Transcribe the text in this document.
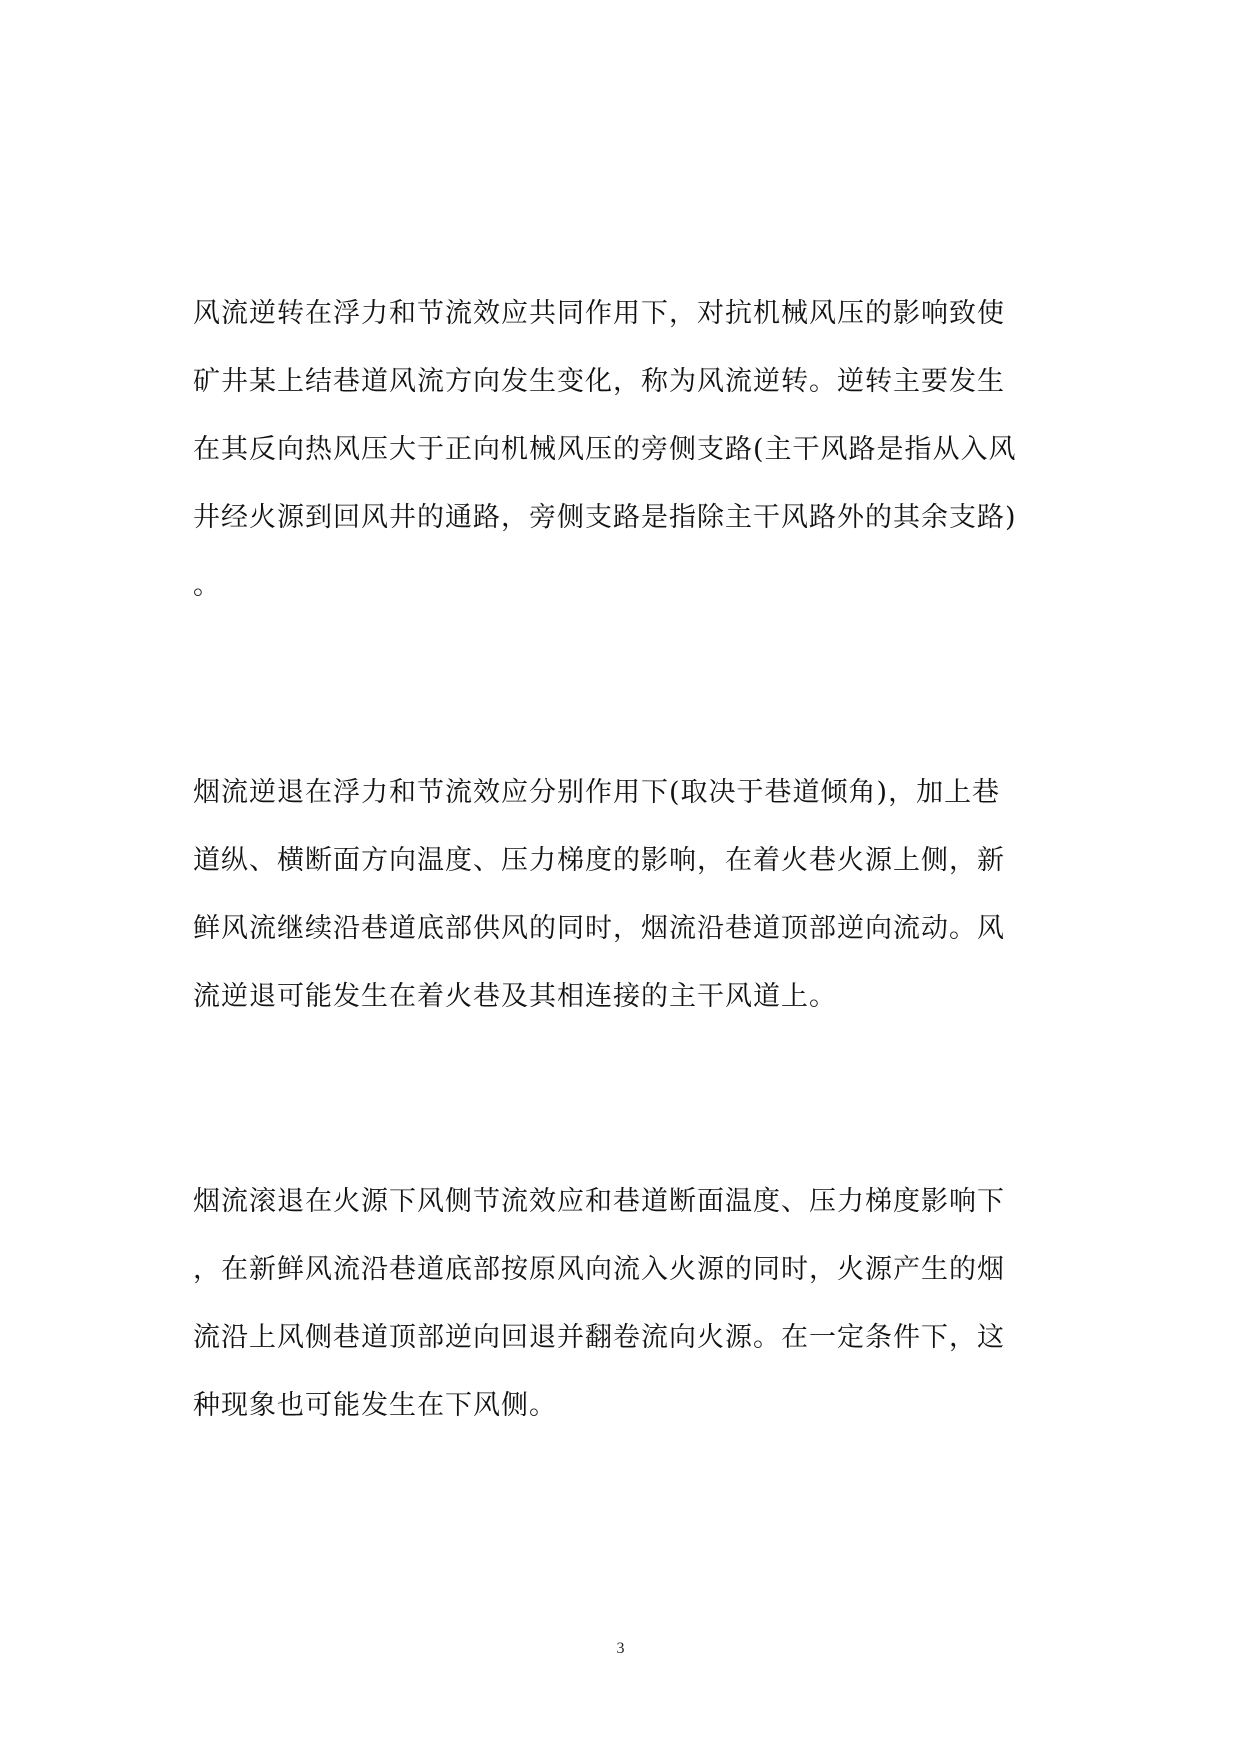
风流逆转在浮力和节流效应共同作用下，对抗机械风压的影响致使
矿井某上结巷道风流方向发生变化，称为风流逆转。逆转主要发生
在其反向热风压大于正向机械风压的旁侧支路(主干风路是指从入风
井经火源到回风井的通路，旁侧支路是指除主干风路外的其余支路)
。
烟流逆退在浮力和节流效应分别作用下(取决于巷道倾角)，加上巷
道纵、横断面方向温度、压力梯度的影响，在着火巷火源上侧，新
鲜风流继续沿巷道底部供风的同时，烟流沿巷道顶部逆向流动。风
流逆退可能发生在着火巷及其相连接的主干风道上。
烟流滚退在火源下风侧节流效应和巷道断面温度、压力梯度影响下
，在新鲜风流沿巷道底部按原风向流入火源的同时，火源产生的烟
流沿上风侧巷道顶部逆向回退并翻卷流向火源。在一定条件下，这
种现象也可能发生在下风侧。
3
